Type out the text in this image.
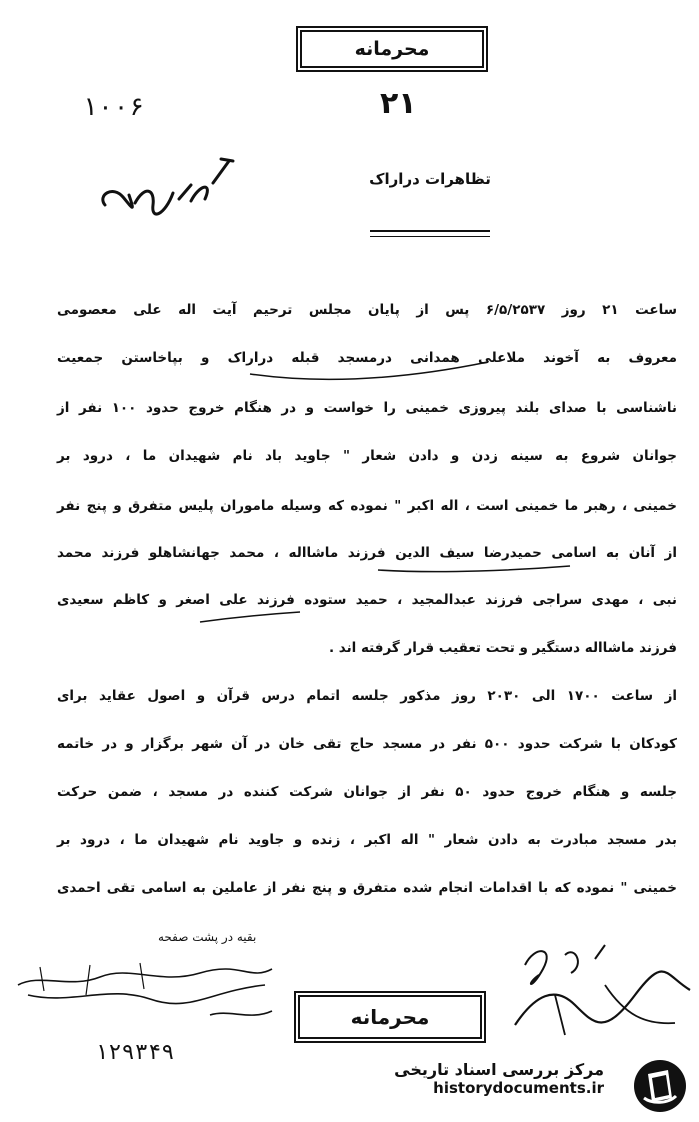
محرمانه
۱۰۰۶	۲۱
تظاهرات دراراک
ساعت ۲۱ روز ۶/۵/۲۵۳۷ پس از پایان مجلس ترحیم آیت اله علی معصومی
معروف به آخوند ملاعلی همدانی درمسجد قبله دراراک و بپاخاستن جمعیت
ناشناسی با صدای بلند پیروزی خمینی را خواست و در هنگام خروج حدود ۱۰۰ نفر از
جوانان شروع به سینه زدن و دادن شعار " جاوید باد نام شهیدان ما ، درود بر
خمینی ، رهبر ما خمینی است ، اله اکبر " نموده که وسیله ماموران پلیس متفرق و پنج نفر
از آنان به اسامی حمیدرضا سیف الدین فرزند ماشااله ، محمد جهانشاهلو فرزند محمد
نبی ، مهدی سراجی فرزند عبدالمجید ، حمید ستوده فرزند علی اصغر و کاظم سعیدی
فرزند ماشااله دستگیر و تحت تعقیب قرار گرفته اند .
از ساعت ۱۷۰۰ الی ۲۰۳۰ روز مذکور جلسه اتمام درس قرآن و اصول عقاید برای
کودکان با شرکت حدود ۵۰۰ نفر در مسجد حاج تقی خان در آن شهر برگزار و در خاتمه
جلسه و هنگام خروج حدود ۵۰ نفر از جوانان شرکت کننده در مسجد ، ضمن حرکت
بدر مسجد مبادرت به دادن شعار " اله اکبر ، زنده و جاوید نام شهیدان ما ، درود بر
خمینی " نموده که با اقدامات انجام شده متفرق و پنج نفر از عاملین به اسامی تقی احمدی
بقیه در پشت صفحه
محرمانه
۱۲۹۳۴۹
مرکز بررسی اسناد تاریخی
historydocuments.ir
